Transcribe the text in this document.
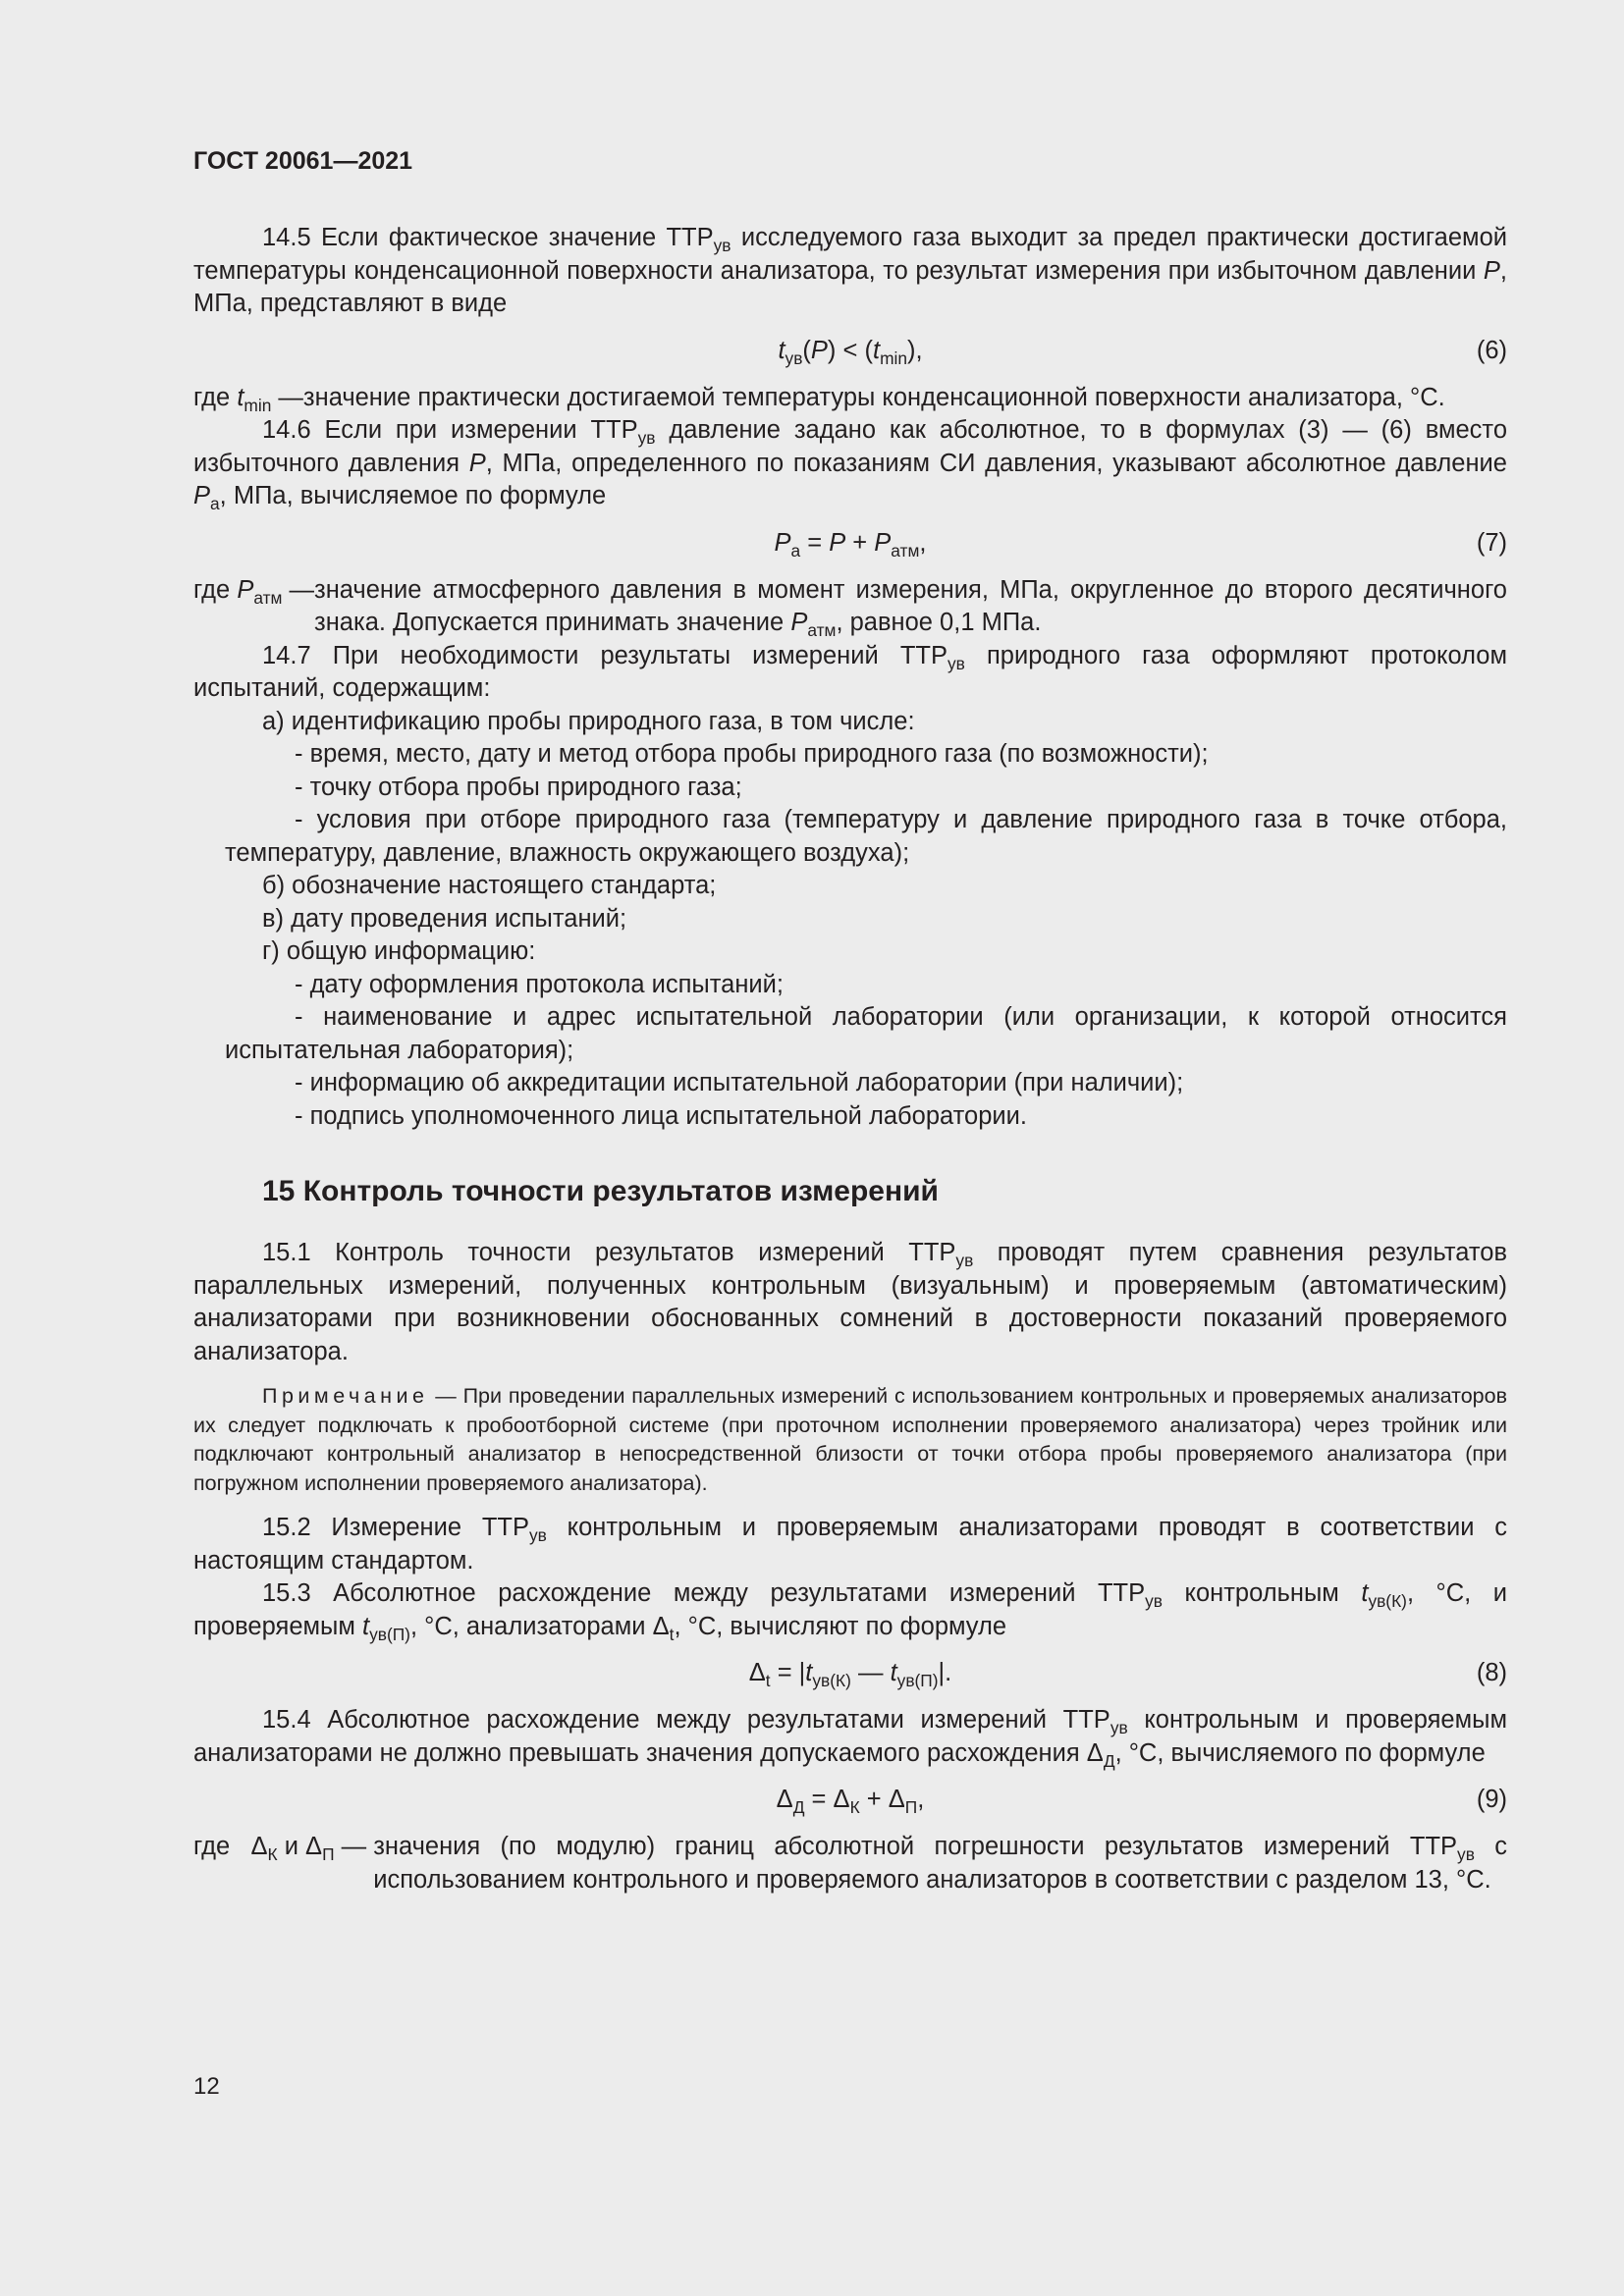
ГОСТ 20061—2021

14.5 Если фактическое значение $ТТР_{ув}$ исследуемого газа выходит за предел практически достигаемой температуры конденсационной поверхности анализатора, то результат измерения при избыточном давлении P, МПа, представляют в виде

$t_{ув}(P) < (t_{min})$,	(6)
где $t_{min}$ — значение практически достигаемой температуры конденсационной поверхности анализатора, °С.

14.6 Если при измерении $ТТР_{ув}$ давление задано как абсолютное, то в формулах (3) — (6) вместо избыточного давления P, МПа, определенного по показаниям СИ давления, указывают абсолютное давление $P_а$, МПа, вычисляемое по формуле

$P_а = P + P_{атм}$,	(7)
где $P_{атм}$ — значение атмосферного давления в момент измерения, МПа, округленное до второго десятичного знака. Допускается принимать значение $P_{атм}$, равное 0,1 МПа.

14.7 При необходимости результаты измерений $ТТР_{ув}$ природного газа оформляют протоколом испытаний, содержащим:

а) идентификацию пробы природного газа, в том числе:

- время, место, дату и метод отбора пробы природного газа (по возможности);

- точку отбора пробы природного газа;

- условия при отборе природного газа (температуру и давление природного газа в точке отбора, температуру, давление, влажность окружающего воздуха);

б) обозначение настоящего стандарта;

в) дату проведения испытаний;

г) общую информацию:

- дату оформления протокола испытаний;

- наименование и адрес испытательной лаборатории (или организации, к которой относится испытательная лаборатория);

- информацию об аккредитации испытательной лаборатории (при наличии);

- подпись уполномоченного лица испытательной лаборатории.

15 Контроль точности результатов измерений

15.1 Контроль точности результатов измерений $ТТР_{ув}$ проводят путем сравнения результатов параллельных измерений, полученных контрольным (визуальным) и проверяемым (автоматическим) анализаторами при возникновении обоснованных сомнений в достоверности показаний проверяемого анализатора.

Примечание — При проведении параллельных измерений с использованием контрольных и проверяемых анализаторов их следует подключать к пробоотборной системе (при проточном исполнении проверяемого анализатора) через тройник или подключают контрольный анализатор в непосредственной близости от точки отбора пробы проверяемого анализатора (при погружном исполнении проверяемого анализатора).

15.2 Измерение $ТТР_{ув}$ контрольным и проверяемым анализаторами проводят в соответствии с настоящим стандартом.

15.3 Абсолютное расхождение между результатами измерений $ТТР_{ув}$ контрольным $t_{ув(К)}$, °С, и проверяемым $t_{ув(П)}$, °С, анализаторами $\Delta_t$, °С, вычисляют по формуле

$\Delta_t = |t_{ув(К)}$ — $t_{ув(П)}|$.	(8)

15.4 Абсолютное расхождение между результатами измерений $ТТР_{ув}$ контрольным и проверяемым анализаторами не должно превышать значения допускаемого расхождения $\Delta_Д$, °С, вычисляемого по формуле

$\Delta_Д = \Delta_К + \Delta_П$,	(9)
где   $\Delta_К$ и $\Delta_П$ — значения (по модулю) границ абсолютной погрешности результатов измерений $ТТР_{ув}$ с использованием контрольного и проверяемого анализаторов в соответствии с разделом 13, °С.
12
